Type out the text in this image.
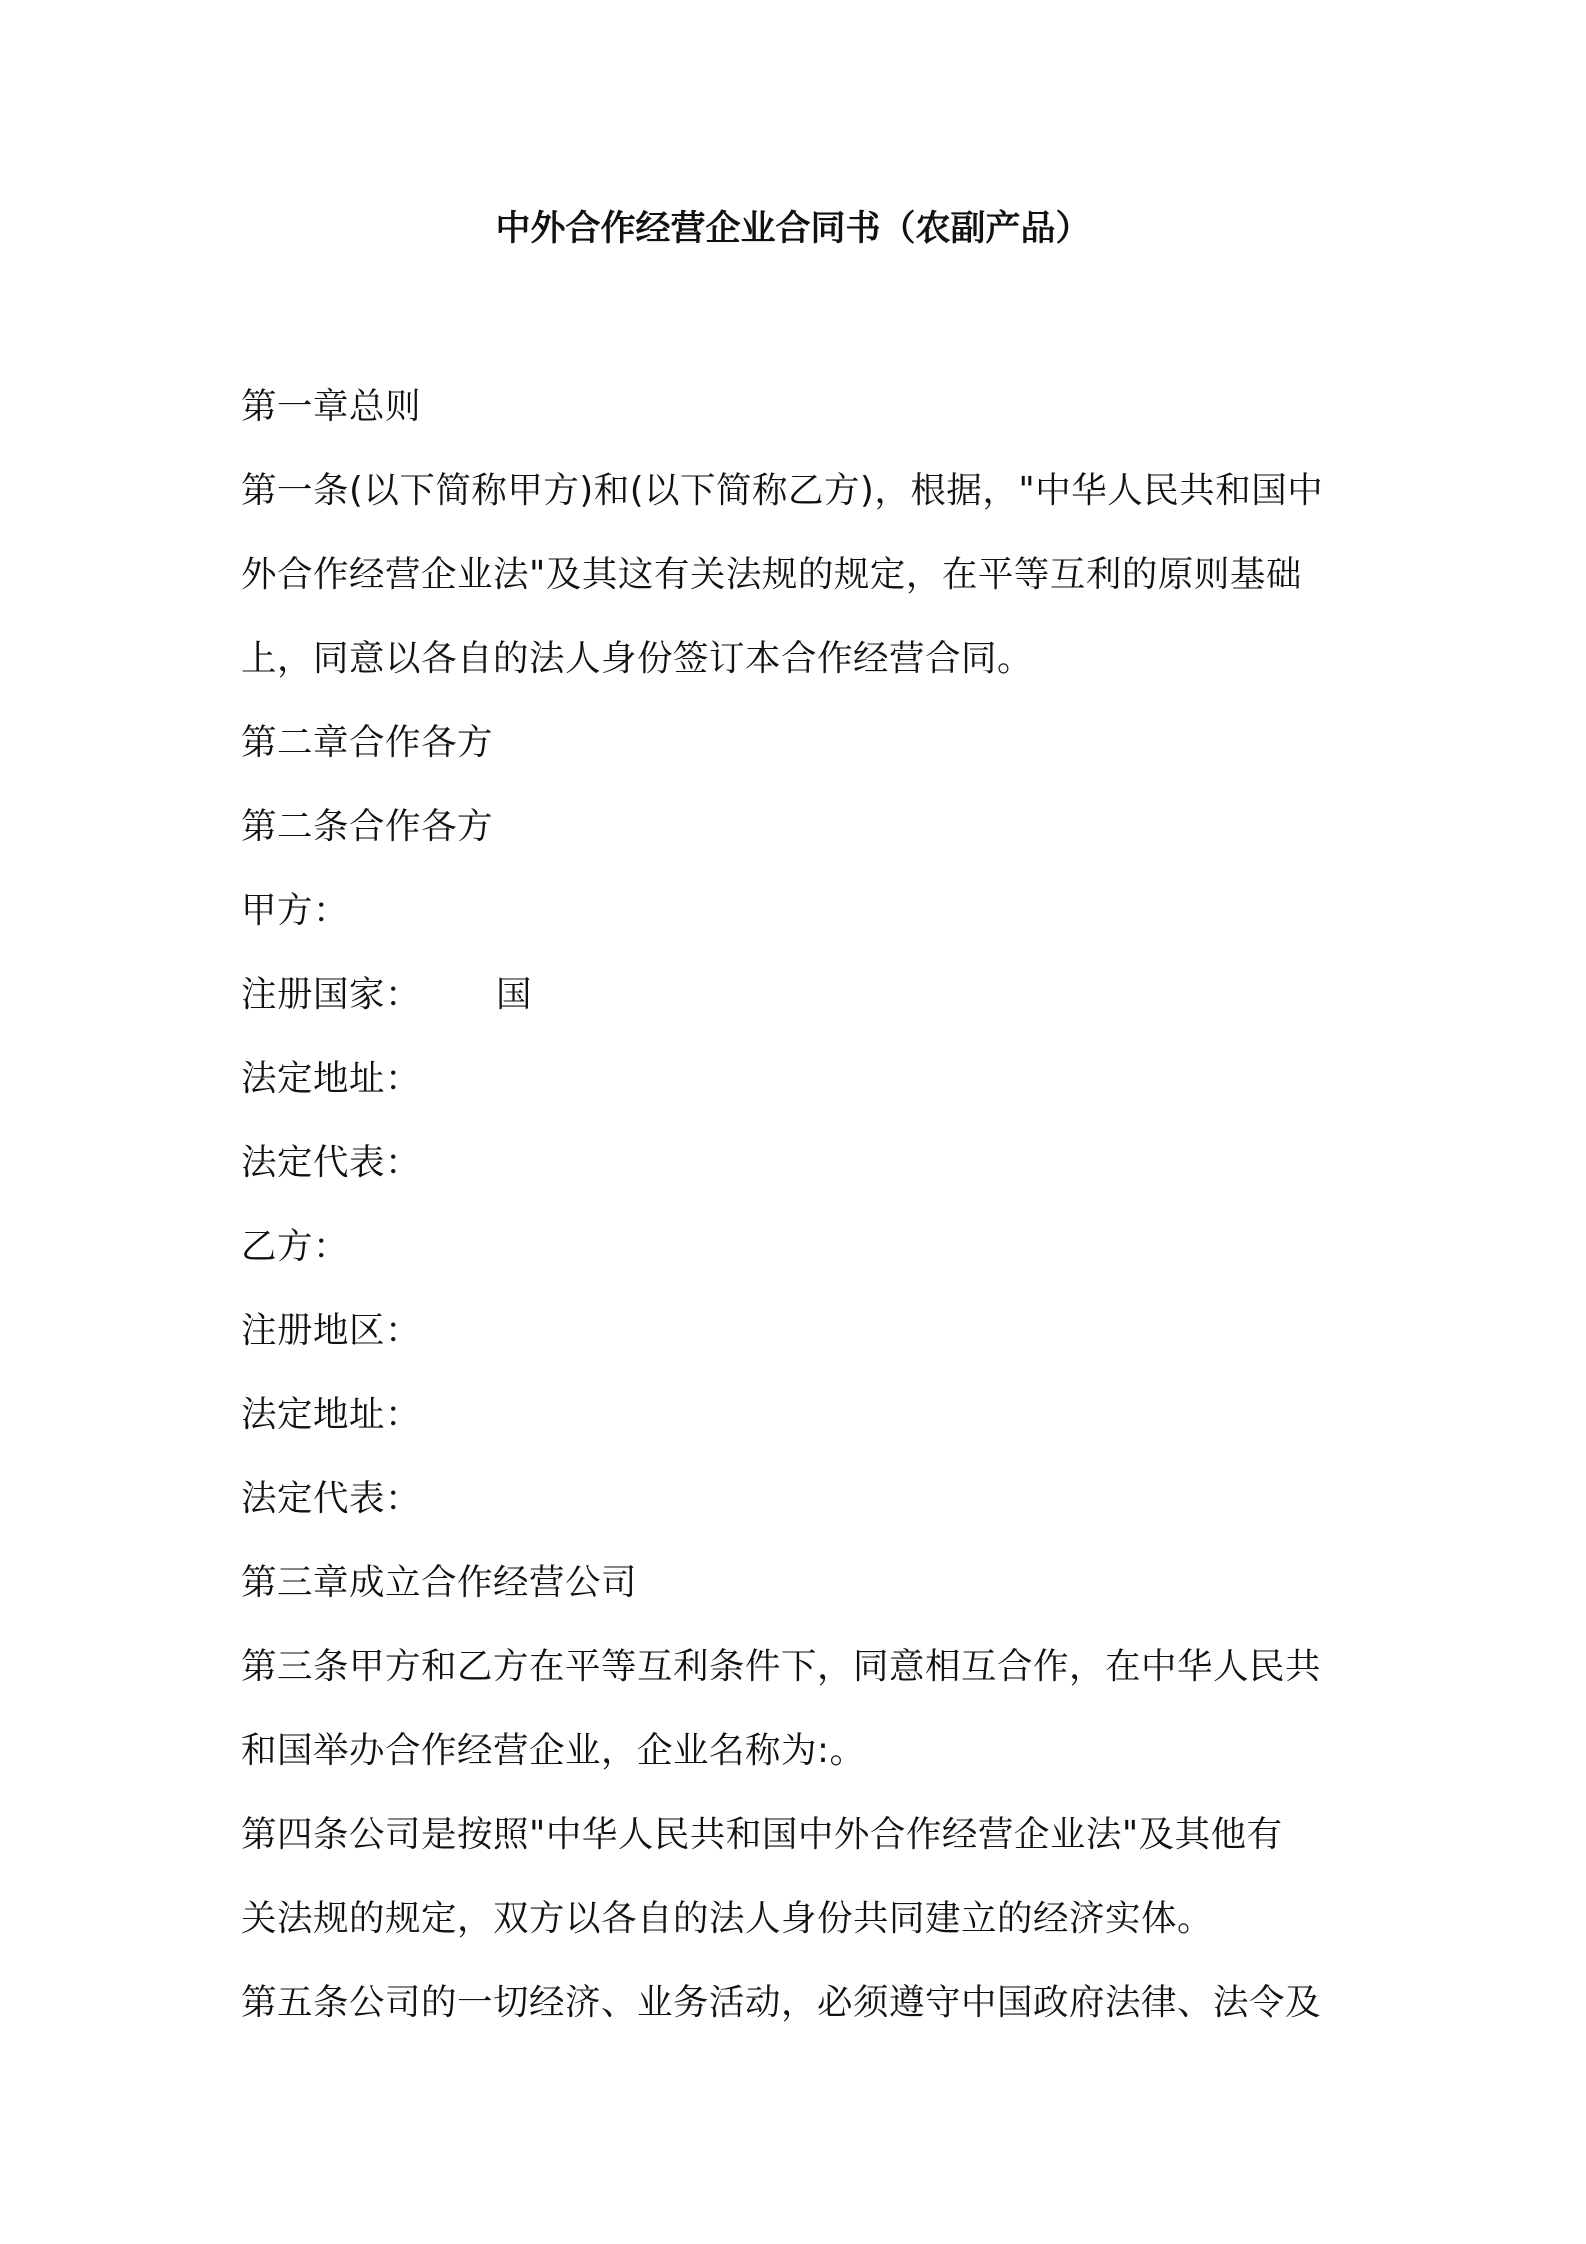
中外合作经营企业合同书（农副产品）
第一章总则
第一条(以下简称甲方)和(以下简称乙方)，根据，"中华人民共和国中
外合作经营企业法"及其这有关法规的规定，在平等互利的原则基础
上，同意以各自的法人身份签订本合作经营合同。
第二章合作各方
第二条合作各方
甲方：
注册国家： 国
法定地址：
法定代表：
乙方：
注册地区：
法定地址：
法定代表：
第三章成立合作经营公司
第三条甲方和乙方在平等互利条件下，同意相互合作，在中华人民共
和国举办合作经营企业，企业名称为:。
第四条公司是按照"中华人民共和国中外合作经营企业法"及其他有
关法规的规定，双方以各自的法人身份共同建立的经济实体。
第五条公司的一切经济、业务活动，必须遵守中国政府法律、法令及
